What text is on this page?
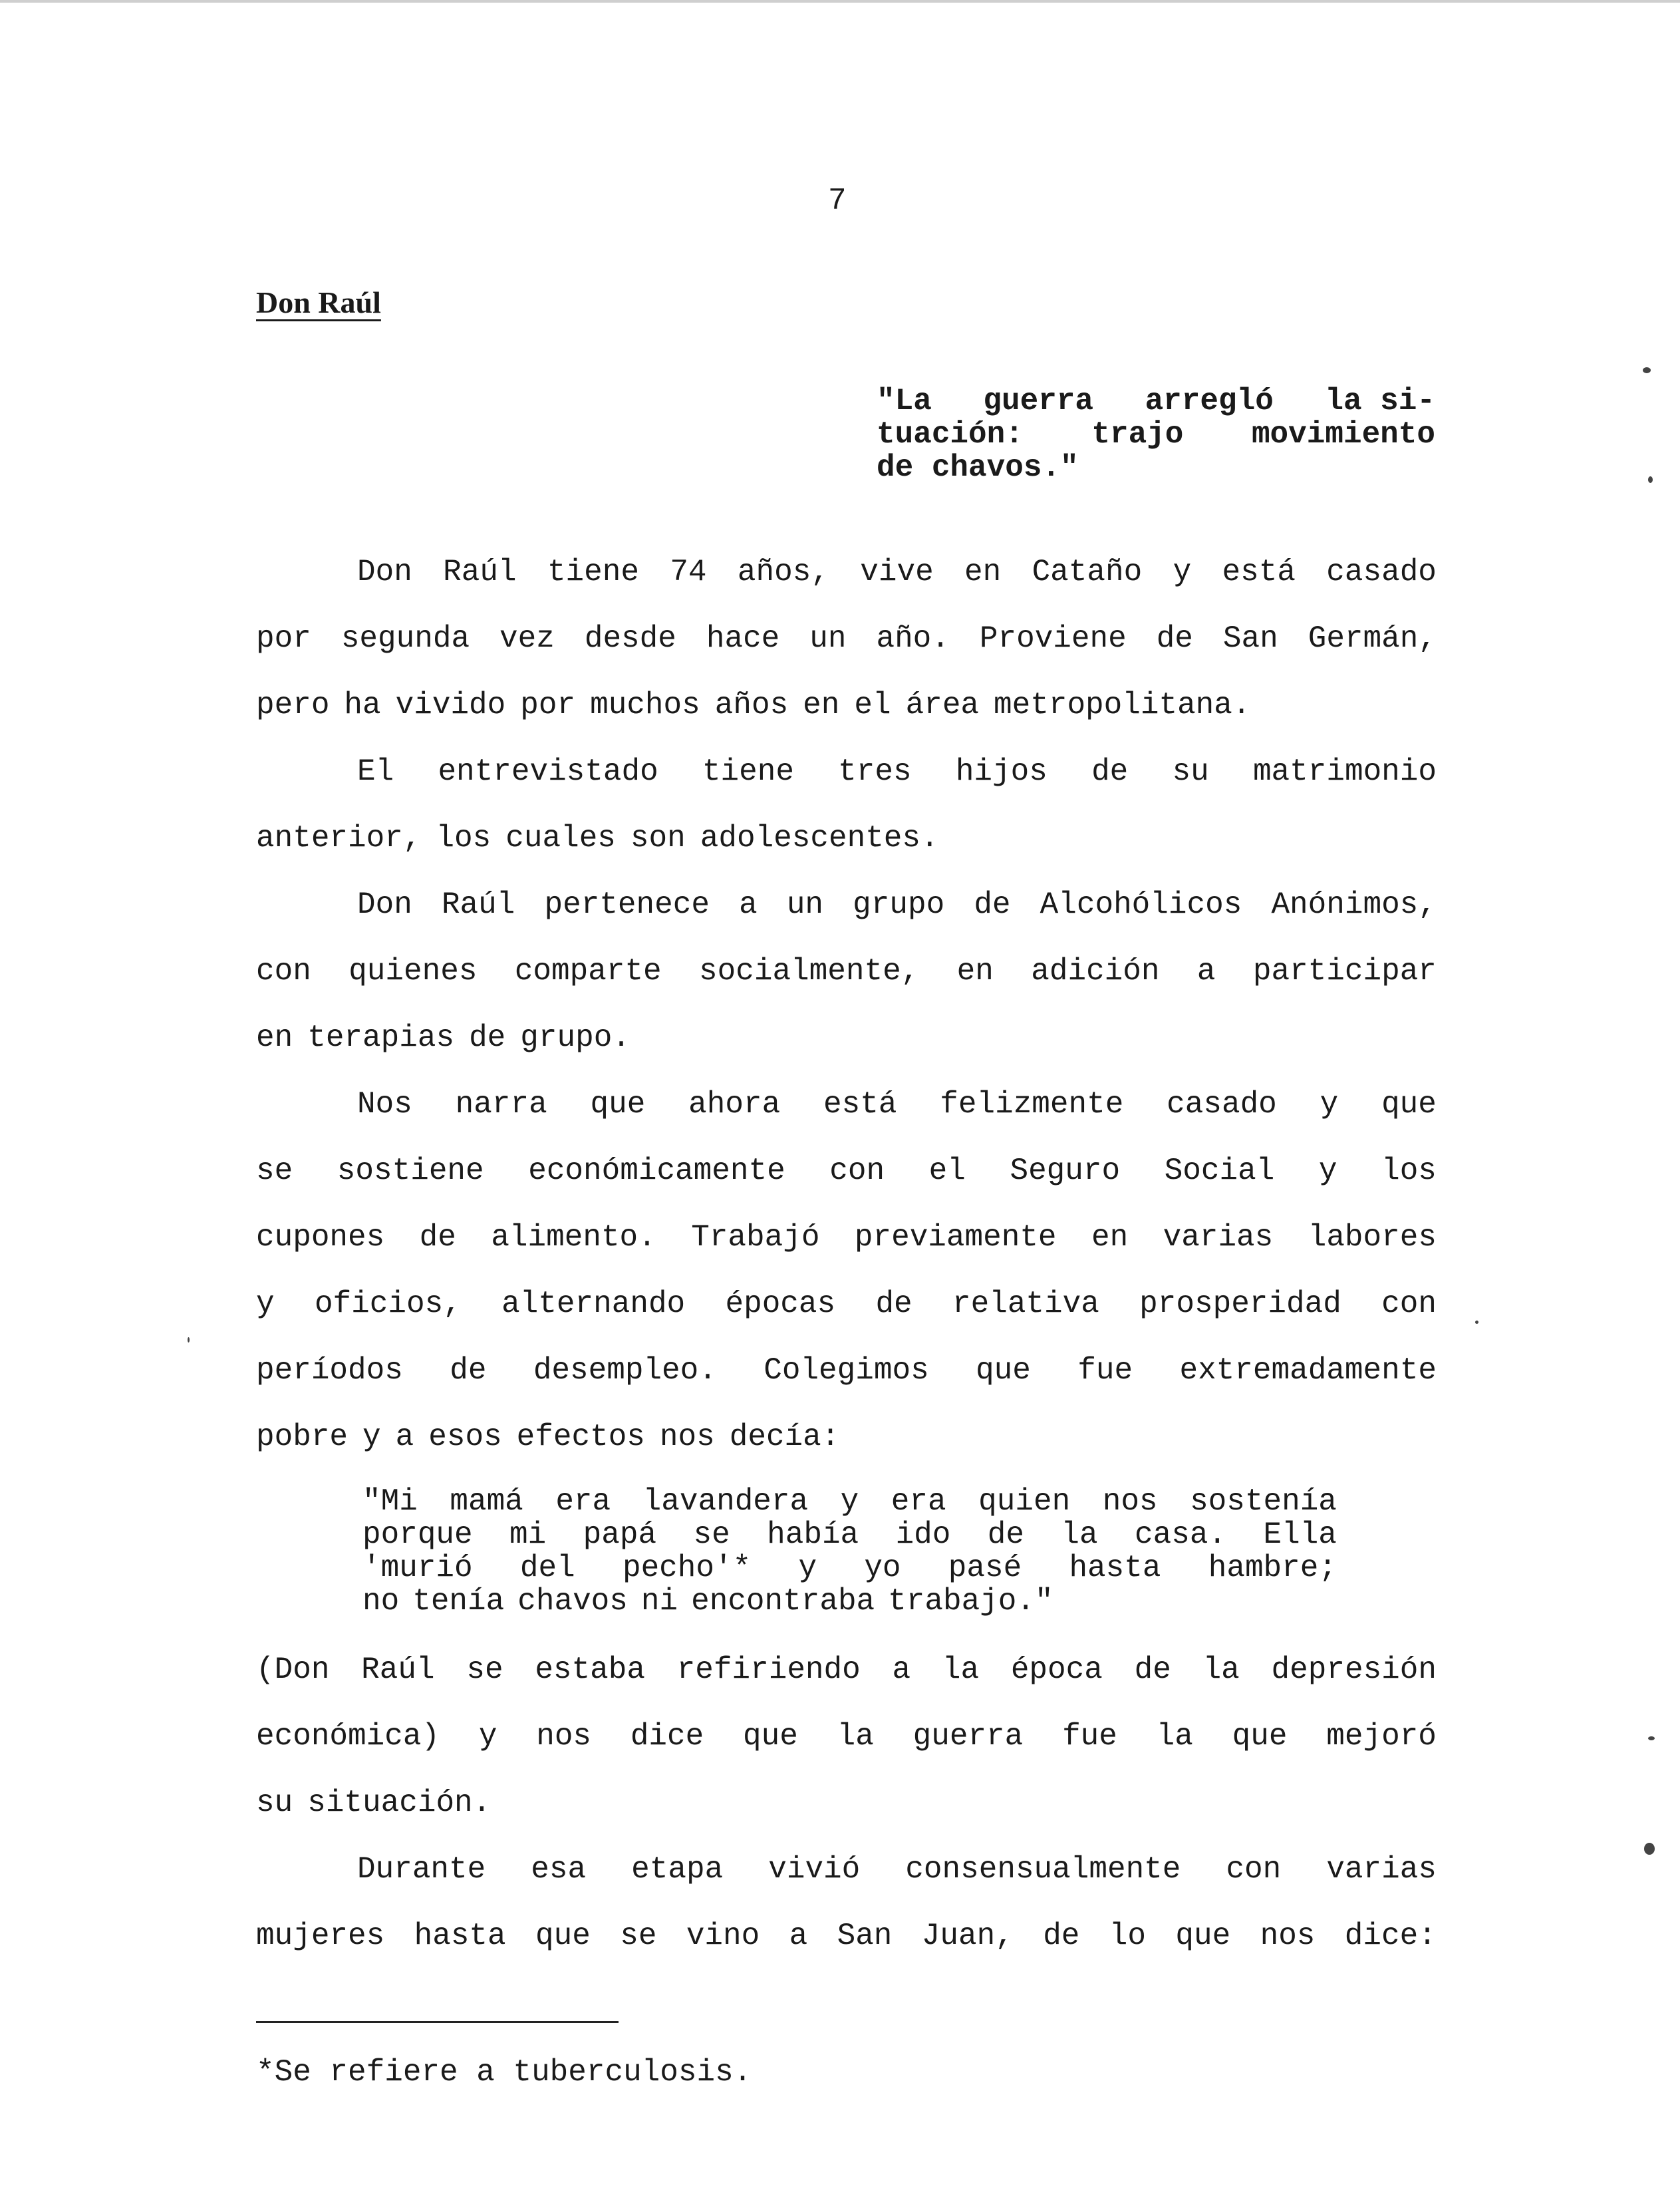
7
Don Raúl
"La guerra arregló la si-
tuación: trajo movimiento
de chavos."
Don Raúl tiene 74 años, vive en Cataño y está casado
por segunda vez desde hace un año. Proviene de San Germán,
pero ha vivido por muchos años en el área metropolitana.
El entrevistado tiene tres hijos de su matrimonio
anterior, los cuales son adolescentes.
Don Raúl pertenece a un grupo de Alcohólicos Anónimos,
con quienes comparte socialmente, en adición a participar
en terapias de grupo.
Nos narra que ahora está felizmente casado y que
se sostiene económicamente con el Seguro Social y los
cupones de alimento. Trabajó previamente en varias labores
y oficios, alternando épocas de relativa prosperidad con
períodos de desempleo. Colegimos que fue extremadamente
pobre y a esos efectos nos decía:
"Mi mamá era lavandera y era quien nos sostenía
porque mi papá se había ido de la casa. Ella
'murió del pecho'* y yo pasé hasta hambre;
no tenía chavos ni encontraba trabajo."
(Don Raúl se estaba refiriendo a la época de la depresión
económica) y nos dice que la guerra fue la que mejoró
su situación.
Durante esa etapa vivió consensualmente con varias
mujeres hasta que se vino a San Juan, de lo que nos dice:
*Se refiere a tuberculosis.
